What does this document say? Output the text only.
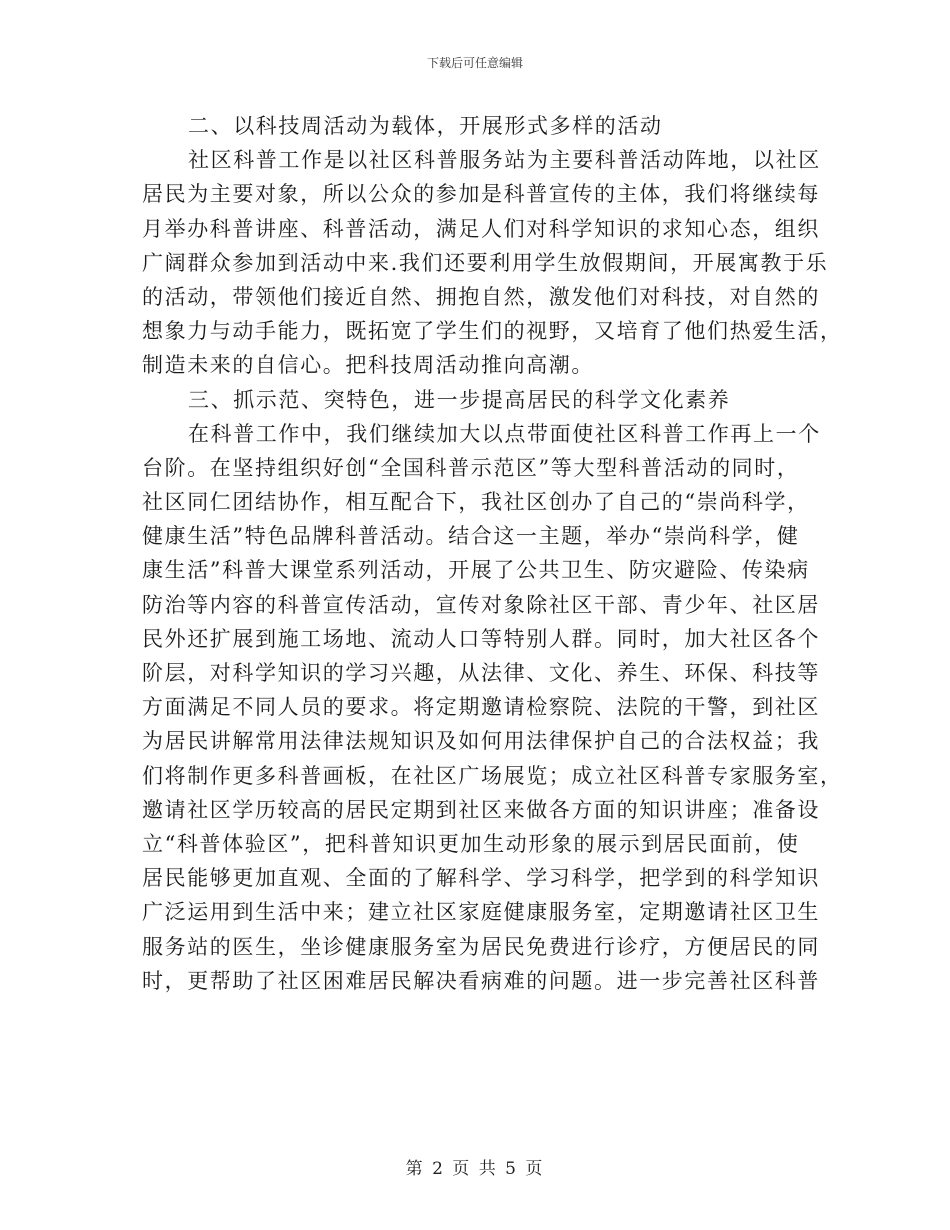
下载后可任意编辑
二、以科技周活动为载体，开展形式多样的活动
社区科普工作是以社区科普服务站为主要科普活动阵地，以社区
居民为主要对象，所以公众的参加是科普宣传的主体，我们将继续每
月举办科普讲座、科普活动，满足人们对科学知识的求知心态，组织
广阔群众参加到活动中来.我们还要利用学生放假期间，开展寓教于乐
的活动，带领他们接近自然、拥抱自然，激发他们对科技，对自然的
想象力与动手能力，既拓宽了学生们的视野，又培育了他们热爱生活，
制造未来的自信心。把科技周活动推向高潮。
三、抓示范、突特色，进一步提高居民的科学文化素养
在科普工作中，我们继续加大以点带面使社区科普工作再上一个
台阶。在坚持组织好创“全国科普示范区”等大型科普活动的同时，
社区同仁团结协作，相互配合下，我社区创办了自己的“崇尚科学，
健康生活”特色品牌科普活动。结合这一主题，举办“崇尚科学，健
康生活”科普大课堂系列活动，开展了公共卫生、防灾避险、传染病
防治等内容的科普宣传活动，宣传对象除社区干部、青少年、社区居
民外还扩展到施工场地、流动人口等特别人群。同时，加大社区各个
阶层，对科学知识的学习兴趣，从法律、文化、养生、环保、科技等
方面满足不同人员的要求。将定期邀请检察院、法院的干警，到社区
为居民讲解常用法律法规知识及如何用法律保护自己的合法权益；我
们将制作更多科普画板，在社区广场展览；成立社区科普专家服务室，
邀请社区学历较高的居民定期到社区来做各方面的知识讲座；准备设
立“科普体验区”，把科普知识更加生动形象的展示到居民面前，使
居民能够更加直观、全面的了解科学、学习科学，把学到的科学知识
广泛运用到生活中来；建立社区家庭健康服务室，定期邀请社区卫生
服务站的医生，坐诊健康服务室为居民免费进行诊疗，方便居民的同
时，更帮助了社区困难居民解决看病难的问题。进一步完善社区科普
第 2 页 共 5 页
